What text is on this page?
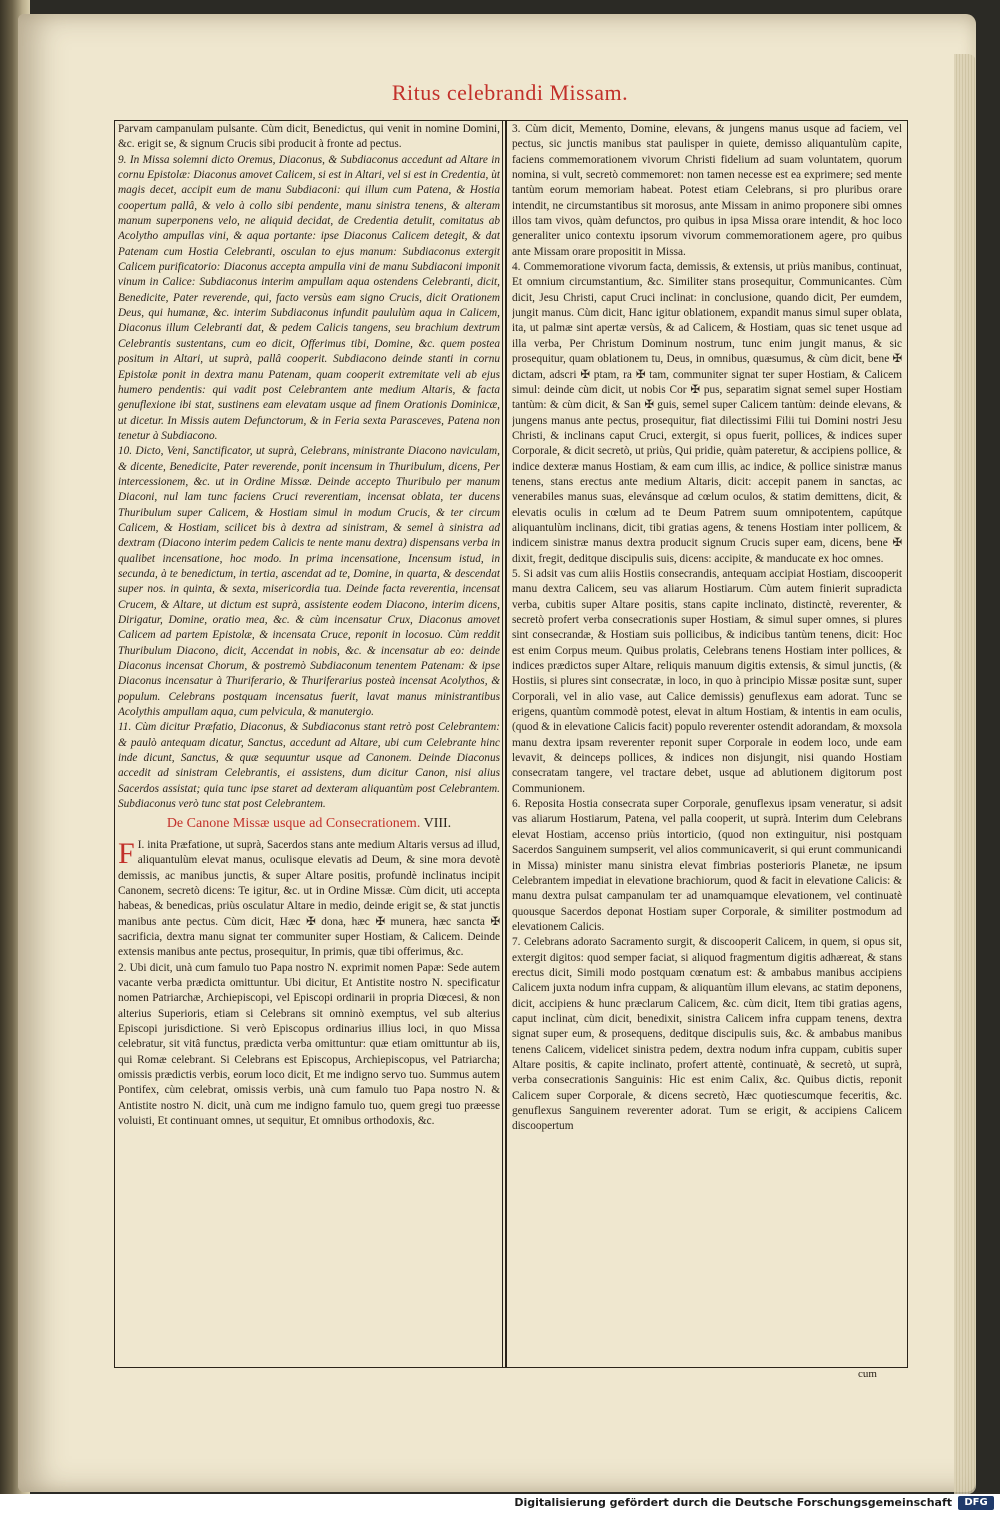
Ritus celebrandi Missam.

Parvam campanulam pulsante. Cùm dicit, Benedictus, qui venit in nomine Domini, &c. erigit se, & signum Crucis sibi producit à fronte ad pectus.

9. In Missa solemni dicto Oremus, Diaconus, & Subdiaconus accedunt ad Altare in cornu Epistolæ: Diaconus amovet Calicem, si est in Altari, vel si est in Credentia, ùt magis decet, accipit eum de manu Subdiaconi: qui illum cum Patena, & Hostia coopertum pallâ, & velo à collo sibi pendente, manu sinistra tenens, & alteram manum superponens velo, ne aliquid decidat, de Credentia detulit, comitatus ab Acolytho ampullas vini, & aqua portante: ipse Diaconus Calicem detegit, & dat Patenam cum Hostia Celebranti, osculan to ejus manum: Subdiaconus extergit Calicem purificatorio: Diaconus accepta ampulla vini de manu Subdiaconi imponit vinum in Calice: Subdiaconus interim ampullam aqua ostendens Celebranti, dicit, Benedicite, Pater reverende, qui, facto versùs eam signo Crucis, dicit Orationem Deus, qui humanæ, &c. interim Subdiaconus infundit paululùm aqua in Calicem, Diaconus illum Celebranti dat, & pedem Calicis tangens, seu brachium dextrum Celebrantis sustentans, cum eo dicit, Offerimus tibi, Domine, &c. quem postea positum in Altari, ut suprà, pallâ cooperit. Subdiacono deinde stanti in cornu Epistolæ ponit in dextra manu Patenam, quam cooperit extremitate veli ab ejus humero pendentis: qui vadit post Celebrantem ante medium Altaris, & facta genuflexione ibi stat, sustinens eam elevatam usque ad finem Orationis Dominicæ, ut dicetur. In Missis autem Defunctorum, & in Feria sexta Parasceves, Patena non tenetur à Subdiacono.

10. Dicto, Veni, Sanctificator, ut suprà, Celebrans, ministrante Diacono naviculam, & dicente, Benedicite, Pater reverende, ponit incensum in Thuribulum, dicens, Per intercessionem, &c. ut in Ordine Missæ. Deinde accepto Thuribulo per manum Diaconi, nul lam tunc faciens Cruci reverentiam, incensat oblata, ter ducens Thuribulum super Calicem, & Hostiam simul in modum Crucis, & ter circum Calicem, & Hostiam, scilicet bis à dextra ad sinistram, & semel à sinistra ad dextram (Diacono interim pedem Calicis te nente manu dextra) dispensans verba in qualibet incensatione, hoc modo. In prima incensatione, Incensum istud, in secunda, à te benedictum, in tertia, ascendat ad te, Domine, in quarta, & descendat super nos. in quinta, & sexta, misericordia tua. Deinde facta reverentia, incensat Crucem, & Altare, ut dictum est suprà, assistente eodem Diacono, interim dicens, Dirigatur, Domine, oratio mea, &c. & cùm incensatur Crux, Diaconus amovet Calicem ad partem Epistolæ, & incensata Cruce, reponit in locosuo. Cùm reddit Thuribulum Diacono, dicit, Accendat in nobis, &c. & incensatur ab eo: deinde Diaconus incensat Chorum, & postremò Subdiaconum tenentem Patenam: & ipse Diaconus incensatur à Thuriferario, & Thuriferarius posteà incensat Acolythos, & populum. Celebrans postquam incensatus fuerit, lavat manus ministrantibus Acolythis ampullam aqua, cum pelvicula, & manutergio.

11. Cùm dicitur Præfatio, Diaconus, & Subdiaconus stant retrò post Celebrantem: & paulò antequam dicatur, Sanctus, accedunt ad Altare, ubi cum Celebrante hinc inde dicunt, Sanctus, & quæ sequuntur usque ad Canonem. Deinde Diaconus accedit ad sinistram Celebrantis, ei assistens, dum dicitur Canon, nisi alius Sacerdos assistat; quia tunc ipse staret ad dexteram aliquantùm post Celebrantem. Subdiaconus verò tunc stat post Celebrantem.

De Canone Missæ usque ad Consecrationem. VIII.

I.
F inita Præfatione, ut suprà, Sacerdos stans ante medium Altaris versus ad illud, aliquantulùm elevat manus, oculisque elevatis ad Deum, & sine mora devotè demissis, ac manibus junctis, & super Altare positis, profundè inclinatus incipit Canonem, secretò dicens: Te igitur, &c. ut in Ordine Missæ. Cùm dicit, uti accepta habeas, & benedicas, priùs osculatur Altare in medio, deinde erigit se, & stat junctis manibus ante pectus. Cùm dicit, Hæc ✠ dona, hæc ✠ munera, hæc sancta ✠ sacrificia, dextra manu signat ter communiter super Hostiam, & Calicem. Deinde extensis manibus ante pectus, prosequitur, In primis, quæ tibi offerimus, &c.

2. Ubi dicit, unà cum famulo tuo Papa nostro N. exprimit nomen Papæ: Sede autem vacante verba prædicta omittuntur. Ubi dicitur, Et Antistite nostro N. specificatur nomen Patriarchæ, Archiepiscopi, vel Episcopi ordinarii in propria Diœcesi, & non alterius Superioris, etiam si Celebrans sit omninò exemptus, vel sub alterius Episcopi jurisdictione. Si verò Episcopus ordinarius illius loci, in quo Missa celebratur, sit vitâ functus, prædicta verba omittuntur: quæ etiam omittuntur ab iis, qui Romæ celebrant. Si Celebrans est Episcopus, Archiepiscopus, vel Patriarcha; omissis prædictis verbis, eorum loco dicit, Et me indigno servo tuo. Summus autem Pontifex, cùm celebrat, omissis verbis, unà cum famulo tuo Papa nostro N. & Antistite nostro N. dicit, unà cum me indigno famulo tuo, quem gregi tuo præesse voluisti, Et continuant omnes, ut sequitur, Et omnibus orthodoxis, &c.

3. Cùm dicit, Memento, Domine, elevans, & jungens manus usque ad faciem, vel pectus, sic junctis manibus stat paulisper in quiete, demisso aliquantulùm capite, faciens commemorationem vivorum Christi fidelium ad suam voluntatem, quorum nomina, si vult, secretò commemoret: non tamen necesse est ea exprimere; sed mente tantùm eorum memoriam habeat. Potest etiam Celebrans, si pro pluribus orare intendit, ne circumstantibus sit morosus, ante Missam in animo proponere sibi omnes illos tam vivos, quàm defunctos, pro quibus in ipsa Missa orare intendit, & hoc loco generaliter unico contextu ipsorum vivorum commemorationem agere, pro quibus ante Missam orare propositit in Missa.

4. Commemoratione vivorum facta, demissis, & extensis, ut priùs manibus, continuat, Et omnium circumstantium, &c. Similiter stans prosequitur, Communicantes. Cùm dicit, Jesu Christi, caput Cruci inclinat: in conclusione, quando dicit, Per eumdem, jungit manus. Cùm dicit, Hanc igitur oblationem, expandit manus simul super oblata, ita, ut palmæ sint apertæ versùs, & ad Calicem, & Hostiam, quas sic tenet usque ad illa verba, Per Christum Dominum nostrum, tunc enim jungit manus, & sic prosequitur, quam oblationem tu, Deus, in omnibus, quæsumus, & cùm dicit, bene ✠ dictam, adscri ✠ ptam, ra ✠ tam, communiter signat ter super Hostiam, & Calicem simul: deinde cùm dicit, ut nobis Cor ✠ pus, separatim signat semel super Hostiam tantùm: & cùm dicit, & San ✠ guis, semel super Calicem tantùm: deinde elevans, & jungens manus ante pectus, prosequitur, fiat dilectissimi Filii tui Domini nostri Jesu Christi, & inclinans caput Cruci, extergit, si opus fuerit, pollices, & indices super Corporale, & dicit secretò, ut priùs, Qui pridie, quàm pateretur, & accipiens pollice, & indice dexteræ manus Hostiam, & eam cum illis, ac indice, & pollice sinistræ manus tenens, stans erectus ante medium Altaris, dicit: accepit panem in sanctas, ac venerabiles manus suas, elevánsque ad cœlum oculos, & statim demittens, dicit, & elevatis oculis in cœlum ad te Deum Patrem suum omnipotentem, capútque aliquantulùm inclinans, dicit, tibi gratias agens, & tenens Hostiam inter pollicem, & indicem sinistræ manus dextra producit signum Crucis super eam, dicens, bene ✠ dixit, fregit, deditque discipulis suis, dicens: accipite, & manducate ex hoc omnes.

5. Si adsit vas cum aliis Hostiis consecrandis, antequam accipiat Hostiam, discooperit manu dextra Calicem, seu vas aliarum Hostiarum. Cùm autem finierit supradicta verba, cubitis super Altare positis, stans capite inclinato, distinctè, reverenter, & secretò profert verba consecrationis super Hostiam, & simul super omnes, si plures sint consecrandæ, & Hostiam suis pollicibus, & indicibus tantùm tenens, dicit: Hoc est enim Corpus meum. Quibus prolatis, Celebrans tenens Hostiam inter pollices, & indices prædictos super Altare, reliquis manuum digitis extensis, & simul junctis, (& Hostiis, si plures sint consecratæ, in loco, in quo à principio Missæ positæ sunt, super Corporali, vel in alio vase, aut Calice demissis) genuflexus eam adorat. Tunc se erigens, quantùm commodè potest, elevat in altum Hostiam, & intentis in eam oculis, (quod & in elevatione Calicis facit) populo reverenter ostendit adorandam, & moxsola manu dextra ipsam reverenter reponit super Corporale in eodem loco, unde eam levavit, & deinceps pollices, & indices non disjungit, nisi quando Hostiam consecratam tangere, vel tractare debet, usque ad ablutionem digitorum post Communionem.

6. Reposita Hostia consecrata super Corporale, genuflexus ipsam veneratur, si adsit vas aliarum Hostiarum, Patena, vel palla cooperit, ut suprà. Interim dum Celebrans elevat Hostiam, accenso priùs intorticio, (quod non extinguitur, nisi postquam Sacerdos Sanguinem sumpserit, vel alios communicaverit, si qui erunt communicandi in Missa) minister manu sinistra elevat fimbrias posterioris Planetæ, ne ipsum Celebrantem impediat in elevatione brachiorum, quod & facit in elevatione Calicis: & manu dextra pulsat campanulam ter ad unamquamque elevationem, vel continuatè quousque Sacerdos deponat Hostiam super Corporale, & similiter postmodum ad elevationem Calicis.

7. Celebrans adorato Sacramento surgit, & discooperit Calicem, in quem, si opus sit, extergit digitos: quod semper faciat, si aliquod fragmentum digitis adhæreat, & stans erectus dicit, Simili modo postquam cœnatum est: & ambabus manibus accipiens Calicem juxta nodum infra cuppam, & aliquantùm illum elevans, ac statim deponens, dicit, accipiens & hunc præclarum Calicem, &c. cùm dicit, Item tibi gratias agens, caput inclinat, cùm dicit, benedixit, sinistra Calicem infra cuppam tenens, dextra signat super eum, & prosequens, deditque discipulis suis, &c. & ambabus manibus tenens Calicem, videlicet sinistra pedem, dextra nodum infra cuppam, cubitis super Altare positis, & capite inclinato, profert attentè, continuatè, & secretò, ut suprà, verba consecrationis Sanguinis: Hic est enim Calix, &c. Quibus dictis, reponit Calicem super Corporale, & dicens secretò, Hæc quotiescumque feceritis, &c. genuflexus Sanguinem reverenter adorat. Tum se erigit, & accipiens Calicem discoopertum

cum
Digitalisierung gefördert durch die Deutsche Forschungsgemeinschaft	DFG
